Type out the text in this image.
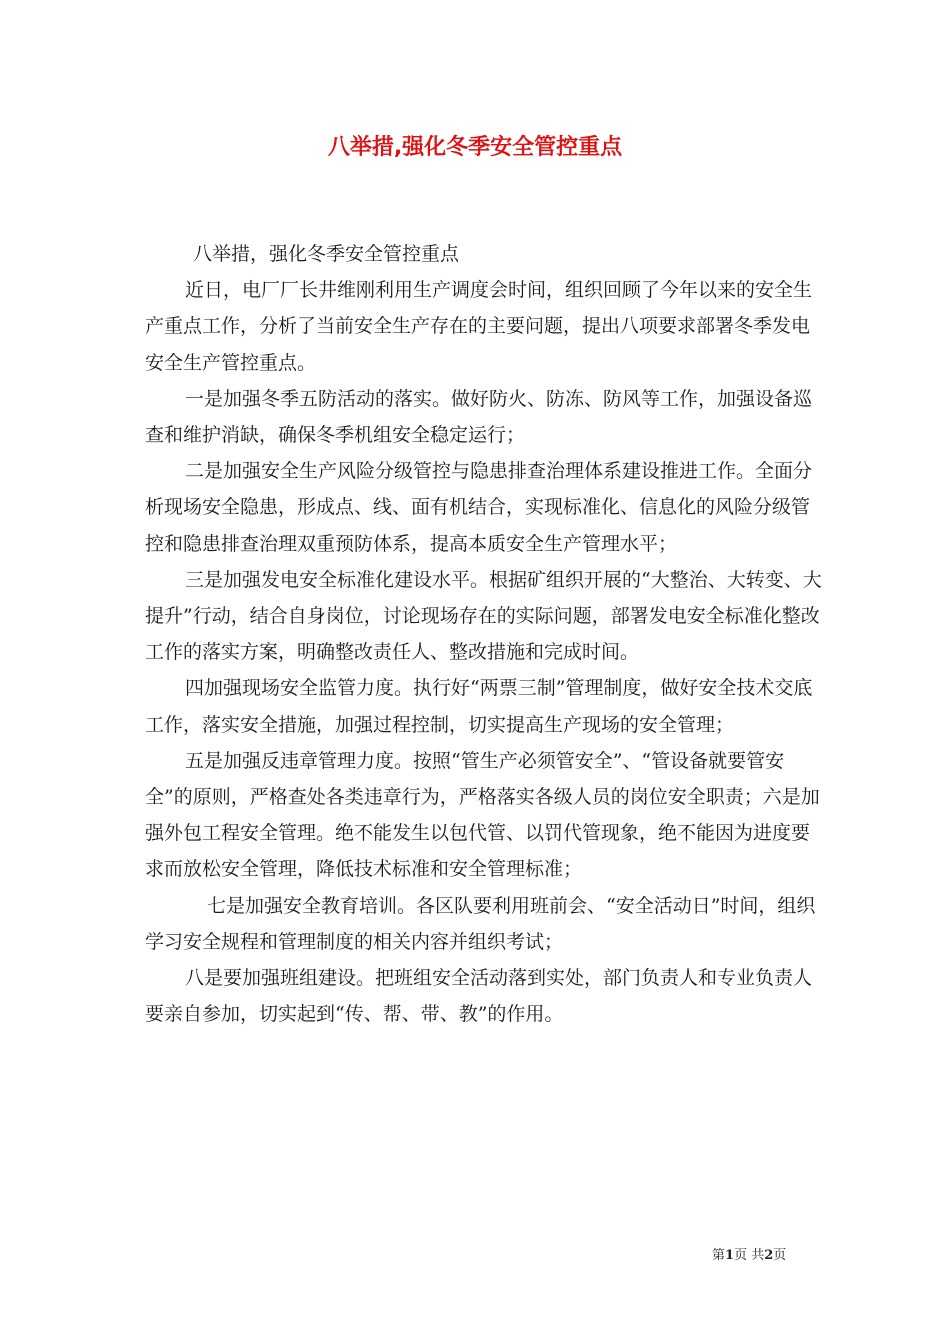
八举措,强化冬季安全管控重点

八举措，强化冬季安全管控重点

近日，电厂厂长井维刚利用生产调度会时间，组织回顾了今年以来的安全生产重点工作，分析了当前安全生产存在的主要问题，提出八项要求部署冬季发电安全生产管控重点。

一是加强冬季五防活动的落实。做好防火、防冻、防风等工作，加强设备巡查和维护消缺，确保冬季机组安全稳定运行；

二是加强安全生产风险分级管控与隐患排查治理体系建设推进工作。全面分析现场安全隐患，形成点、线、面有机结合，实现标准化、信息化的风险分级管控和隐患排查治理双重预防体系，提高本质安全生产管理水平；

三是加强发电安全标准化建设水平。根据矿组织开展的“大整治、大转变、大提升”行动，结合自身岗位，讨论现场存在的实际问题，部署发电安全标准化整改工作的落实方案，明确整改责任人、整改措施和完成时间。

四加强现场安全监管力度。执行好“两票三制”管理制度，做好安全技术交底工作，落实安全措施，加强过程控制，切实提高生产现场的安全管理；

五是加强反违章管理力度。按照“管生产必须管安全”、“管设备就要管安全”的原则，严格查处各类违章行为，严格落实各级人员的岗位安全职责；六是加强外包工程安全管理。绝不能发生以包代管、以罚代管现象，绝不能因为进度要求而放松安全管理，降低技术标准和安全管理标准；

七是加强安全教育培训。各区队要利用班前会、“安全活动日”时间，组织学习安全规程和管理制度的相关内容并组织考试；

八是要加强班组建设。把班组安全活动落到实处，部门负责人和专业负责人要亲自参加，切实起到“传、帮、带、教”的作用。

第1页 共2页
